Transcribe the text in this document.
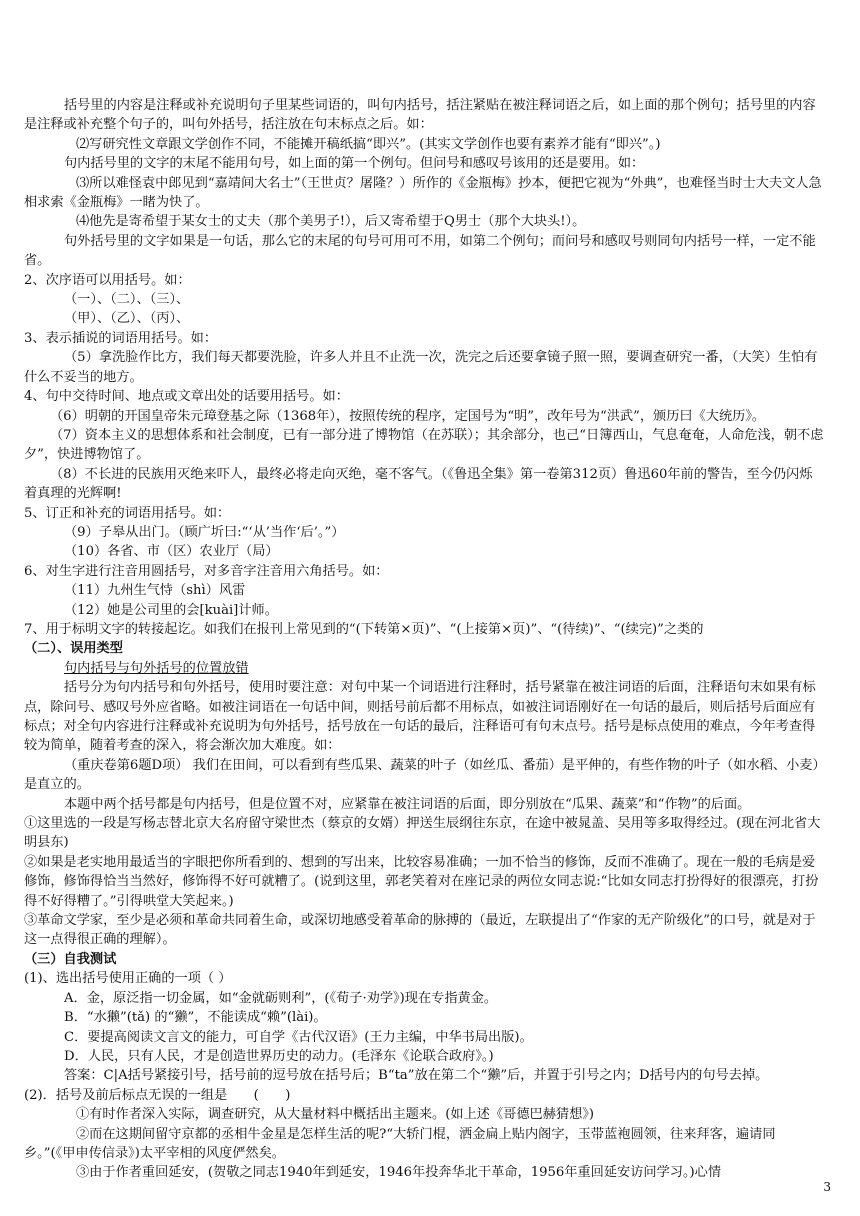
括号里的内容是注释或补充说明句子里某些词语的，叫句内括号，括注紧贴在被注释词语之后，如上面的那个例句；括号里的内容是注释或补充整个句子的，叫句外括号，括注放在句末标点之后。如：

⑵写研究性文章跟文学创作不同，不能摊开稿纸搞“即兴”。(其实文学创作也要有素养才能有“即兴”。)

句内括号里的文字的末尾不能用句号，如上面的第一个例句。但问号和感叹号该用的还是要用。如：

⑶所以难怪袁中郎见到“嘉靖间大名士”（王世贞？屠隆？）所作的《金瓶梅》抄本，便把它视为“外典”，也难怪当时士大夫文人急相求索《金瓶梅》一睹为快了。

⑷他先是寄希望于某女士的丈夫（那个美男子!），后又寄希望于Q男士（那个大块头!）。

句外括号里的文字如果是一句话，那么它的末尾的句号可用可不用，如第二个例句；而问号和感叹号则同句内括号一样，一定不能省。

2、次序语可以用括号。如：

（一）、（二）、（三）、

（甲）、（乙）、（丙）、

3、表示插说的词语用括号。如：

（5）拿洗脸作比方，我们每天都要洗脸，许多人并且不止洗一次，洗完之后还要拿镜子照一照，要调查研究一番，（大笑）生怕有什么不妥当的地方。

4、句中交待时间、地点或文章出处的话要用括号。如：

（6）明朝的开国皇帝朱元璋登基之际（1368年），按照传统的程序，定国号为“明”，改年号为“洪武”，颁历曰《大统历》。

（7）资本主义的思想体系和社会制度，已有一部分进了博物馆（在苏联）；其余部分，也己“日簿西山，气息奄奄，人命危浅，朝不虑夕”，快进博物馆了。

（8）不长进的民族用灭绝来吓人，最终必将走向灭绝，毫不客气。（《鲁迅全集》第一卷第312页）鲁迅60年前的警告，至今仍闪烁着真理的光辉啊!

5、订正和补充的词语用括号。如：

（9）子皋从出门。（顾广圻曰:“‘从’当作‘后’。”）

（10）各省、市（区）农业厅（局）

6、对生字进行注音用圆括号，对多音字注音用六角括号。如：

（11）九州生气恃（shì）风雷

（12）她是公司里的会[kuài]计师。

7、用于标明文字的转接起讫。如我们在报刊上常见到的“(下转第×页)”、“(上接第×页)”、“(待续)”、“(续完)”之类的

（二）、误用类型

句内括号与句外括号的位置放错

括号分为句内括号和句外括号，使用时要注意：对句中某一个词语进行注释时，括号紧靠在被注词语的后面，注释语句末如果有标点，除问号、感叹号外应省略。如被注词语在一句话中间，则括号前后都不用标点，如被注词语刚好在一句话的最后，则后括号后面应有标点；对全句内容进行注释或补充说明为句外括号，括号放在一句话的最后，注释语可有句末点号。括号是标点使用的难点，今年考查得较为简单，随着考查的深入，将会渐次加大难度。如：

（重庆卷第6题D项） 我们在田间，可以看到有些瓜果、蔬菜的叶子（如丝瓜、番茄）是平伸的，有些作物的叶子（如水稻、小麦）是直立的。

本题中两个括号都是句内括号，但是位置不对，应紧靠在被注词语的后面，即分别放在“瓜果、蔬菜”和“作物”的后面。

①这里选的一段是写杨志替北京大名府留守梁世杰（蔡京的女婿）押送生辰纲往东京，在途中被晁盖、吴用等多取得经过。(现在河北省大明县东)

②如果是老实地用最适当的字眼把你所看到的、想到的写出来，比较容易准确；一加不恰当的修饰，反而不准确了。现在一般的毛病是爱修饰，修饰得恰当当然好，修饰得不好可就糟了。(说到这里，郭老笑着对在座记录的两位女同志说:“比如女同志打扮得好的很漂亮，打扮得不好得糟了。”引得哄堂大笑起来。)

③革命文学家，至少是必须和革命共同着生命，或深切地感受着革命的脉搏的（最近，左联提出了“作家的无产阶级化”的口号，就是对于这一点得很正确的理解）。

（三）自我测试

(1)、选出括号使用正确的一项（ ）

A．金，原泛指一切金属，如“金就砺则利”，(《荀子·劝学》)现在专指黄金。

B．“水獭”(tǎ) 的“獭”，不能读成“赖”(lài)。

C．要提高阅读文言文的能力，可自学《古代汉语》(王力主编，中华书局出版)。

D．人民，只有人民，才是创造世界历史的动力。(毛泽东《论联合政府》。)

答案：C|A括号紧接引号，括号前的逗号放在括号后；B“ta”放在第二个“獭”后，并置于引号之内；D括号内的句号去掉。

(2)．括号及前后标点无误的一组是　　(　　)

①有时作者深入实际，调查研究，从大量材料中概括出主题来。(如上述《哥德巴赫猜想》)

②而在这期间留守京都的丞相牛金星是怎样生活的呢?“大轿门棍，洒金扁上贴内阁字，玉带蓝袍圆领，往来拜客，遍请同乡。”(《甲申传信录》)太平宰相的风度俨然矣。

③由于作者重回延安，(贺敬之同志1940年到延安，1946年投奔华北干革命，1956年重回延安访问学习。)心情

3
